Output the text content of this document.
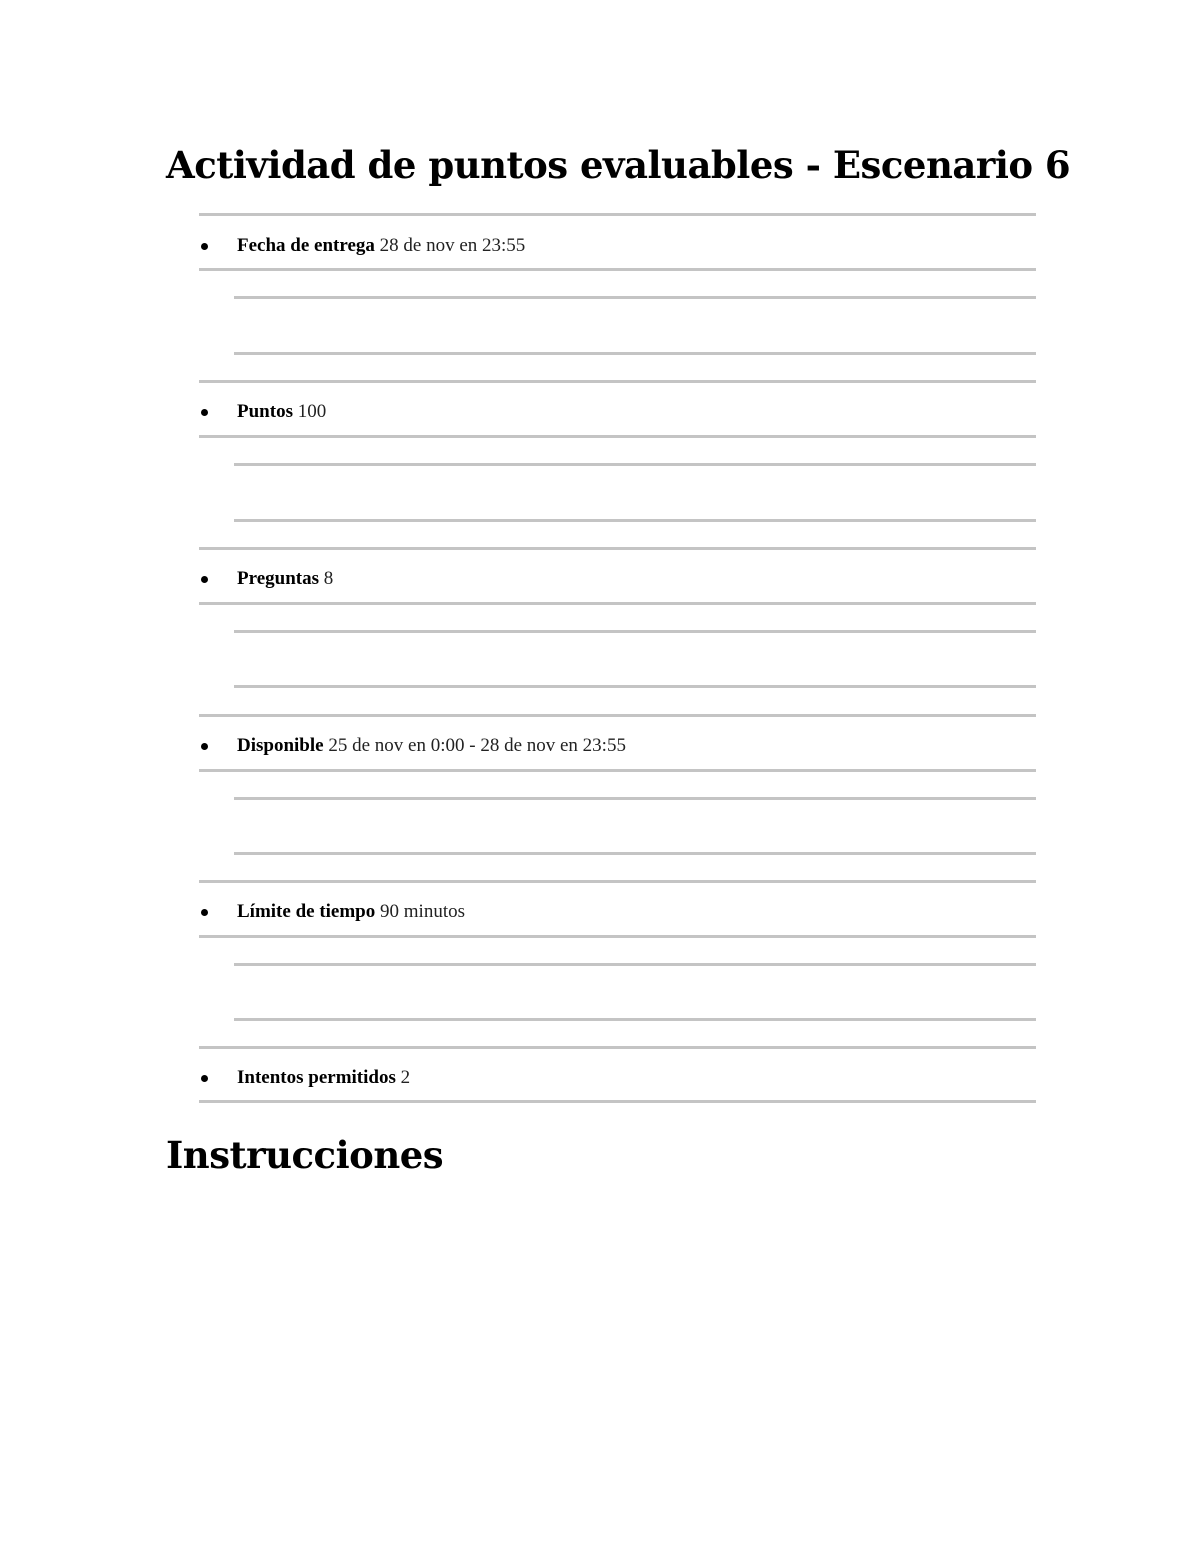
Actividad de puntos evaluables - Escenario 6
Fecha de entrega 28 de nov en 23:55
Puntos 100
Preguntas 8
Disponible 25 de nov en 0:00 - 28 de nov en 23:55
Límite de tiempo 90 minutos
Intentos permitidos 2
Instrucciones
